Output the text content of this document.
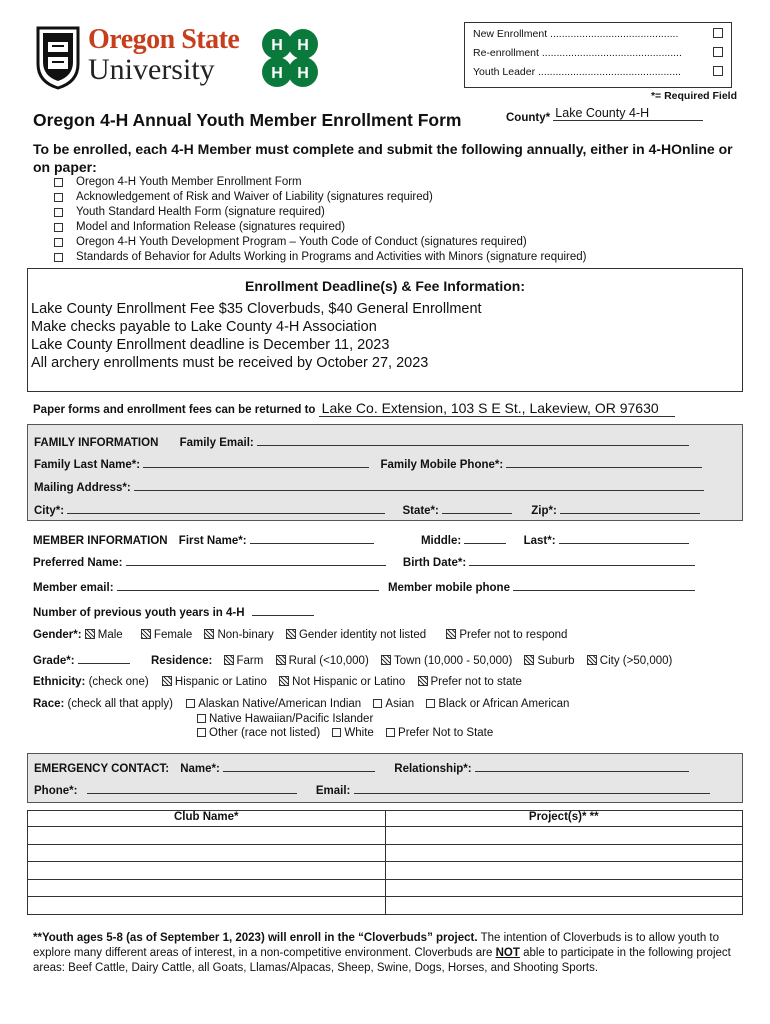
Oregon State
University
H H
H H
New Enrollment ............................................
Re-enrollment ................................................
Youth Leader .................................................
*= Required Field
Oregon 4-H Annual Youth Member Enrollment Form	County* Lake County 4-H
To be enrolled, each 4-H Member must complete and submit the following annually, either in 4-HOnline or on paper:
Oregon 4-H Youth Member Enrollment Form
Acknowledgement of Risk and Waiver of Liability (signatures required)
Youth Standard Health Form (signature required)
Model and Information Release (signatures required)
Oregon 4-H Youth Development Program – Youth Code of Conduct (signatures required)
Standards of Behavior for Adults Working in Programs and Activities with Minors (signature required)
Enrollment Deadline(s) & Fee Information:
Lake County Enrollment Fee $35 Cloverbuds, $40 General Enrollment
Make checks payable to Lake County 4-H Association
Lake County Enrollment deadline is December 11, 2023
All archery enrollments must be received by October 27, 2023
Paper forms and enrollment fees can be returned to Lake Co. Extension, 103 S E St., Lakeview, OR 97630
FAMILY INFORMATION Family Email:
Family Last Name*:	Family Mobile Phone*:
Mailing Address*:
City*:	State*:	Zip*:
MEMBER INFORMATION First Name*:	Middle:	Last*:
Preferred Name:	Birth Date*:
Member email:	Member mobile phone
Number of previous youth years in 4-H
Gender*: Male	Female Non-binary Gender identity not listed	Prefer not to respond
Grade*:	Residence: Farm Rural (<10,000) Town (10,000 - 50,000) Suburb City (>50,000)
Ethnicity: (check one) Hispanic or Latino Not Hispanic or Latino Prefer not to state
Race: (check all that apply) Alaskan Native/American Indian Asian Black or African American
Native Hawaiian/Pacific Islander
Other (race not listed) White Prefer Not to State
EMERGENCY CONTACT: Name*:	Relationship*:
Phone*:	Email:
Club Name*	Project(s)* **

**Youth ages 5-8 (as of September 1, 2023) will enroll in the “Cloverbuds” project. The intention of Cloverbuds is to allow youth to explore many different areas of interest, in a non-competitive environment. Cloverbuds are NOT able to participate in the following project areas: Beef Cattle, Dairy Cattle, all Goats, Llamas/Alpacas, Sheep, Swine, Dogs, Horses, and Shooting Sports.
